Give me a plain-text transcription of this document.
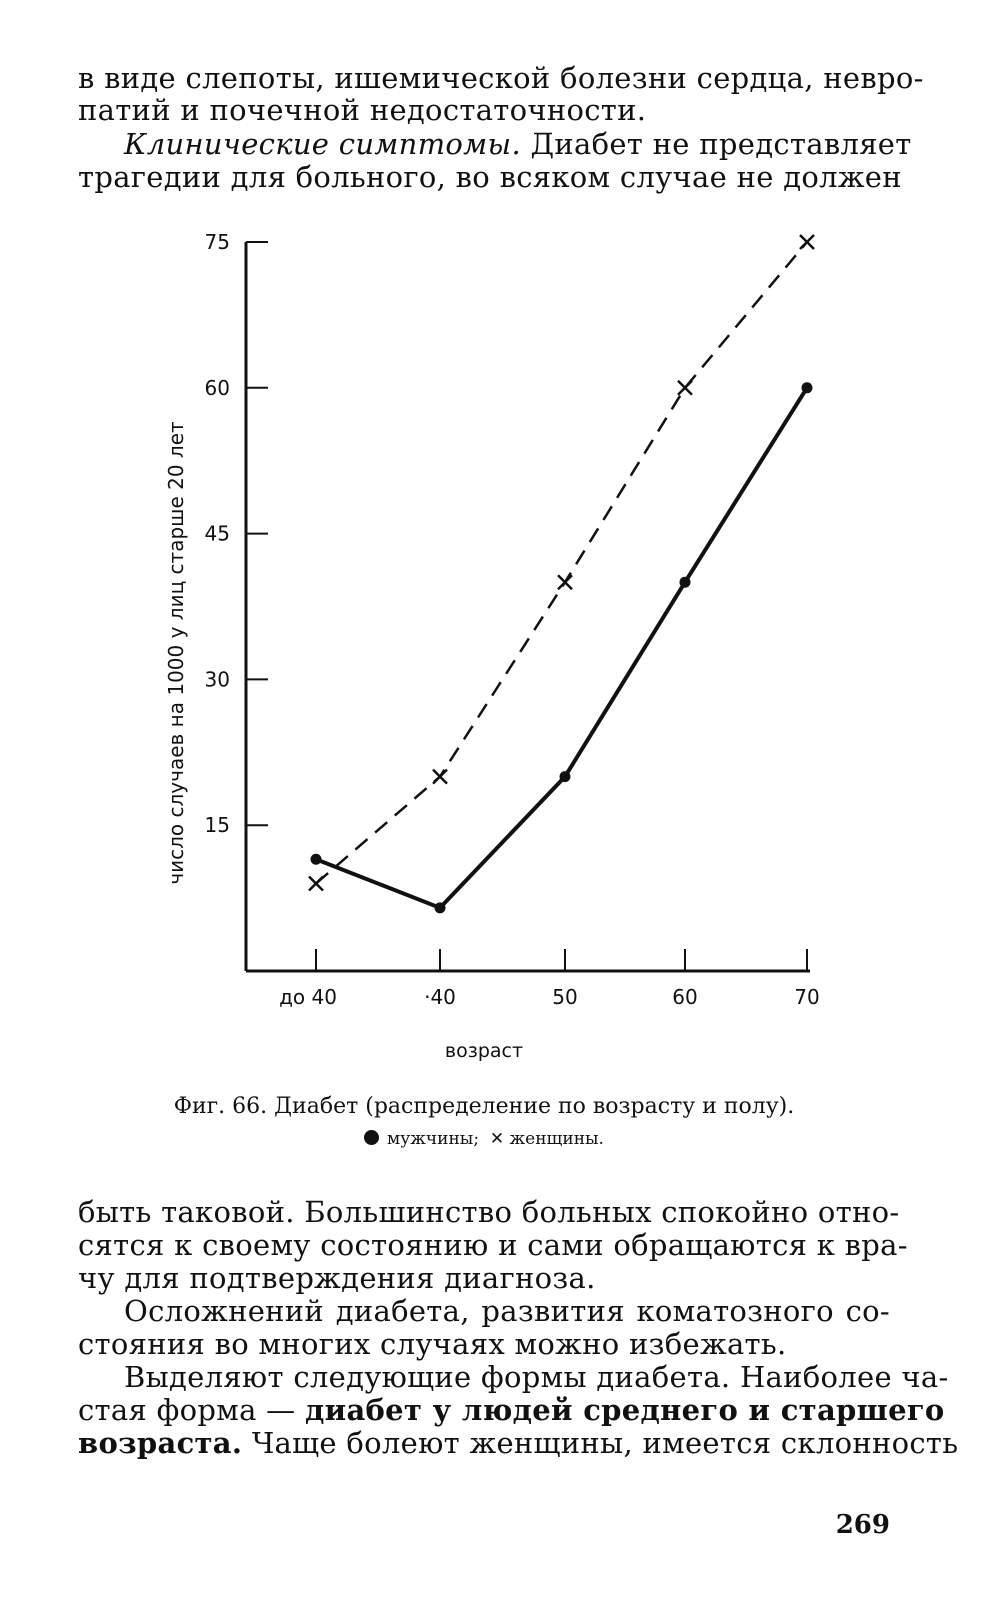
в виде слепоты, ишемической болезни сердца, невро-
патий и почечной недостаточности.
Клинические симптомы. Диабет не представляет
трагедии для больного, во всяком случае не должен
75
60
45
30
15
до 40	·40	50	60	70
число случаев на 1000 у лиц старше 20 лет
возраст
Фиг. 66. Диабет (распределение по возрасту и полу).
мужчины; ✕ женщины.
быть таковой. Большинство больных спокойно отно-
сятся к своему состоянию и сами обращаются к вра-
чу для подтверждения диагноза.
Осложнений диабета, развития коматозного со-
стояния во многих случаях можно избежать.
Выделяют следующие формы диабета. Наиболее ча-
стая форма — диабет у людей среднего и старшего
возраста. Чаще болеют женщины, имеется склонность
269
